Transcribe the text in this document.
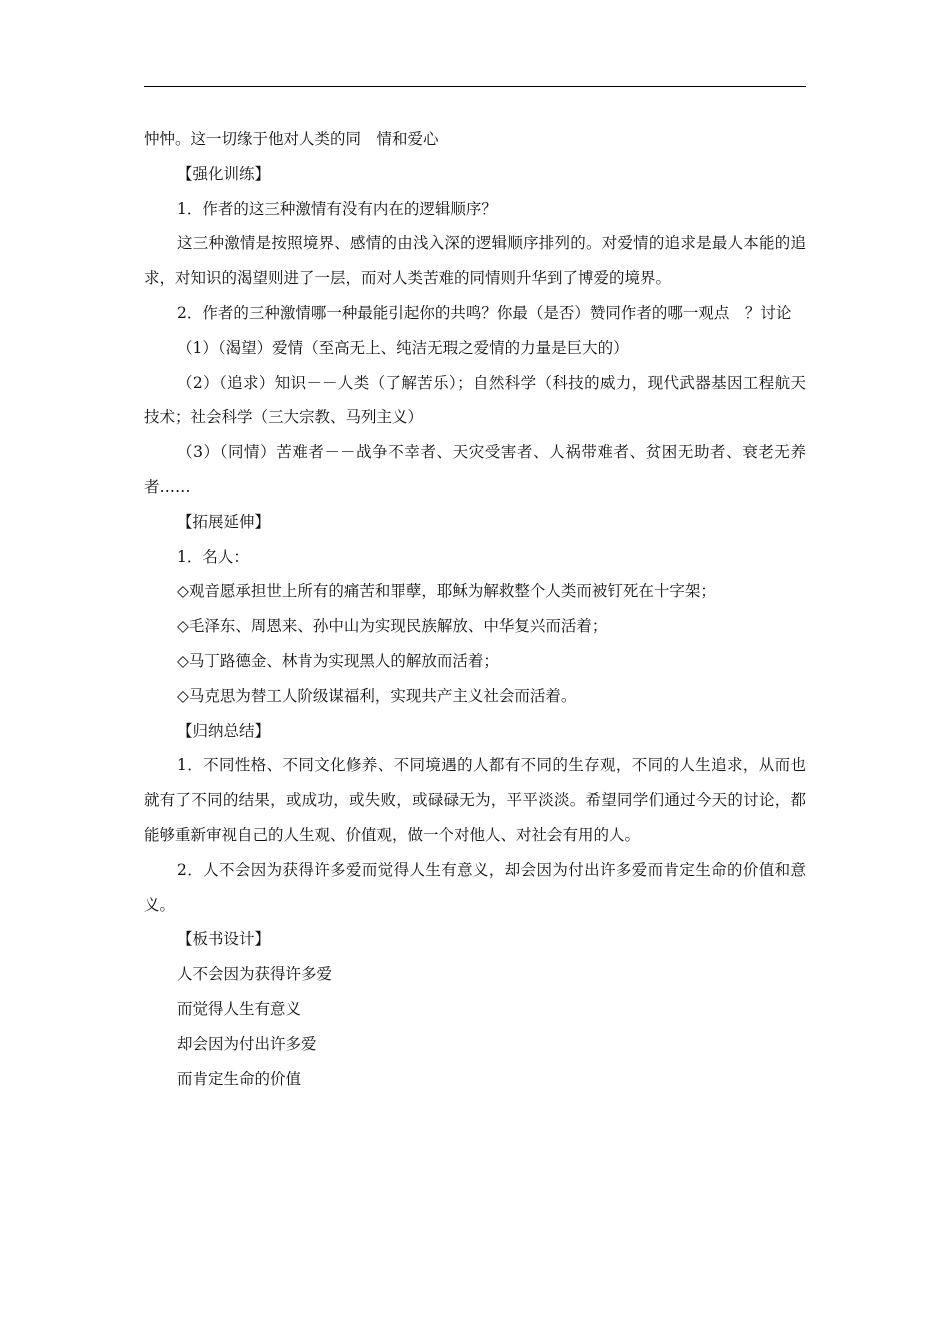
忡忡。这一切缘于他对人类的同　情和爱心

【强化训练】

1．作者的这三种激情有没有内在的逻辑顺序？

这三种激情是按照境界、感情的由浅入深的逻辑顺序排列的。对爱情的追求是最人本能的追求，对知识的渴望则进了一层，而对人类苦难的同情则升华到了博爱的境界。

2．作者的三种激情哪一种最能引起你的共鸣？你最（是否）赞同作者的哪一观点　？讨论

（1）（渴望）爱情（至高无上、纯洁无瑕之爱情的力量是巨大的）

（2）（追求）知识－－人类（了解苦乐）；自然科学（科技的威力，现代武器基因工程航天技术；社会科学（三大宗教、马列主义）

（3）（同情）苦难者－－战争不幸者、天灾受害者、人祸带难者、贫困无助者、衰老无养者……

【拓展延伸】

1．名人：

◇观音愿承担世上所有的痛苦和罪孽，耶稣为解救整个人类而被钉死在十字架；

◇毛泽东、周恩来、孙中山为实现民族解放、中华复兴而活着；

◇马丁路德金、林肯为实现黑人的解放而活着；

◇马克思为替工人阶级谋福利，实现共产主义社会而活着。

【归纳总结】

1．不同性格、不同文化修养、不同境遇的人都有不同的生存观，不同的人生追求，从而也就有了不同的结果，或成功，或失败，或碌碌无为，平平淡淡。希望同学们通过今天的讨论，都能够重新审视自己的人生观、价值观，做一个对他人、对社会有用的人。

2．人不会因为获得许多爱而觉得人生有意义，却会因为付出许多爱而肯定生命的价值和意义。

【板书设计】

人不会因为获得许多爱

而觉得人生有意义

却会因为付出许多爱

而肯定生命的价值
